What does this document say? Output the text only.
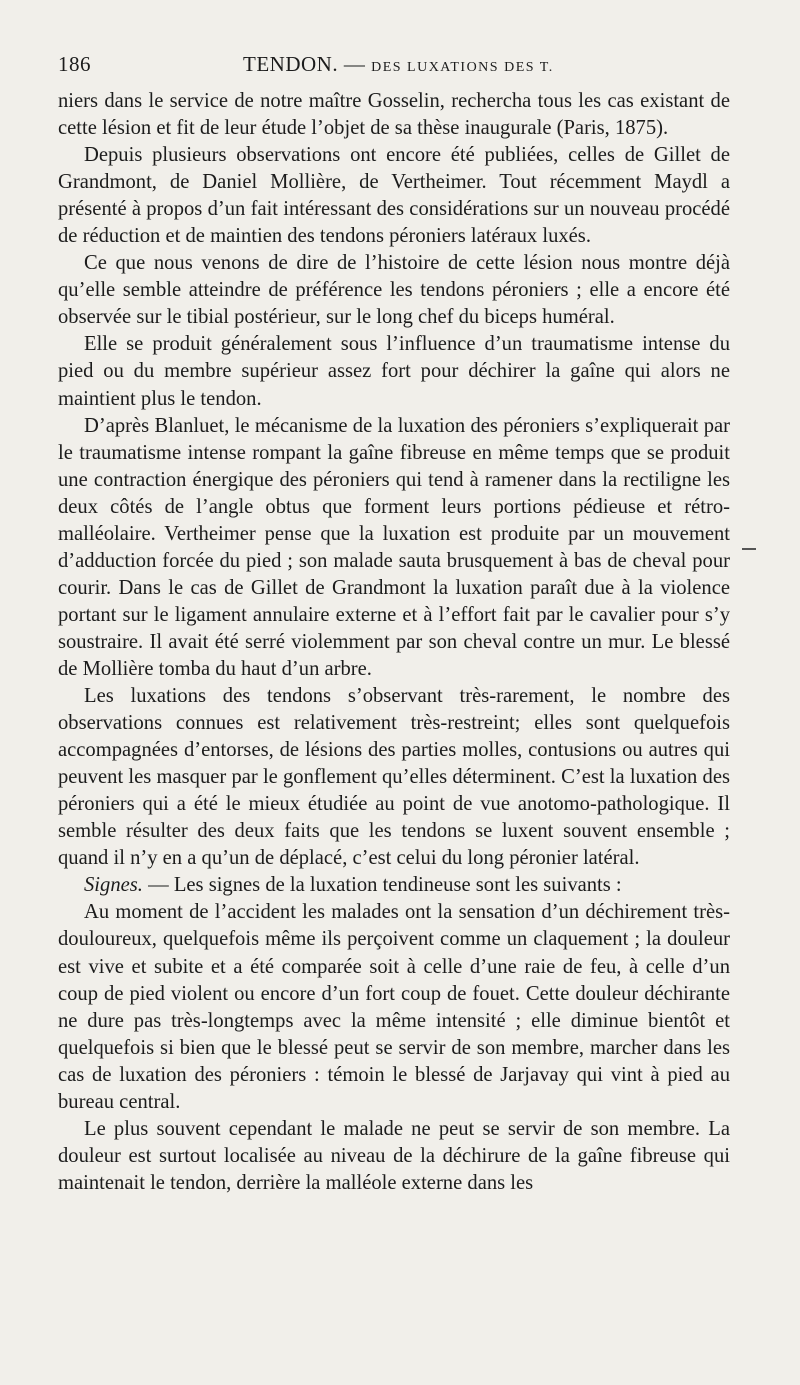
186	TENDON. — DES LUXATIONS DES T.

niers dans le service de notre maître Gosselin, rechercha tous les cas existant de cette lésion et fit de leur étude l’objet de sa thèse inaugurale (Paris, 1875).

Depuis plusieurs observations ont encore été publiées, celles de Gillet de Grandmont, de Daniel Mollière, de Vertheimer. Tout récemment Maydl a présenté à propos d’un fait intéressant des considérations sur un nouveau procédé de réduction et de maintien des tendons péroniers latéraux luxés.

Ce que nous venons de dire de l’histoire de cette lésion nous montre déjà qu’elle semble atteindre de préférence les tendons péroniers ; elle a encore été observée sur le tibial postérieur, sur le long chef du biceps huméral.

Elle se produit généralement sous l’influence d’un traumatisme intense du pied ou du membre supérieur assez fort pour déchirer la gaîne qui alors ne maintient plus le tendon.

D’après Blanluet, le mécanisme de la luxation des péroniers s’expliquerait par le traumatisme intense rompant la gaîne fibreuse en même temps que se produit une contraction énergique des péroniers qui tend à ramener dans la rectiligne les deux côtés de l’angle obtus que forment leurs portions pédieuse et rétro-malléolaire. Vertheimer pense que la luxation est produite par un mouvement d’adduction forcée du pied ; son malade sauta brusquement à bas de cheval pour courir. Dans le cas de Gillet de Grandmont la luxation paraît due à la violence portant sur le ligament annulaire externe et à l’effort fait par le cavalier pour s’y soustraire. Il avait été serré violemment par son cheval contre un mur. Le blessé de Mollière tomba du haut d’un arbre.

Les luxations des tendons s’observant très-rarement, le nombre des observations connues est relativement très-restreint; elles sont quelquefois accompagnées d’entorses, de lésions des parties molles, contusions ou autres qui peuvent les masquer par le gonflement qu’elles déterminent. C’est la luxation des péroniers qui a été le mieux étudiée au point de vue anotomo-pathologique. Il semble résulter des deux faits que les tendons se luxent souvent ensemble ; quand il n’y en a qu’un de déplacé, c’est celui du long péronier latéral.

Signes. — Les signes de la luxation tendineuse sont les suivants :

Au moment de l’accident les malades ont la sensation d’un déchirement très-douloureux, quelquefois même ils perçoivent comme un claquement ; la douleur est vive et subite et a été comparée soit à celle d’une raie de feu, à celle d’un coup de pied violent ou encore d’un fort coup de fouet. Cette douleur déchirante ne dure pas très-longtemps avec la même intensité ; elle diminue bientôt et quelquefois si bien que le blessé peut se servir de son membre, marcher dans les cas de luxation des péroniers : témoin le blessé de Jarjavay qui vint à pied au bureau central.

Le plus souvent cependant le malade ne peut se servir de son membre. La douleur est surtout localisée au niveau de la déchirure de la gaîne fibreuse qui maintenait le tendon, derrière la malléole externe dans les
